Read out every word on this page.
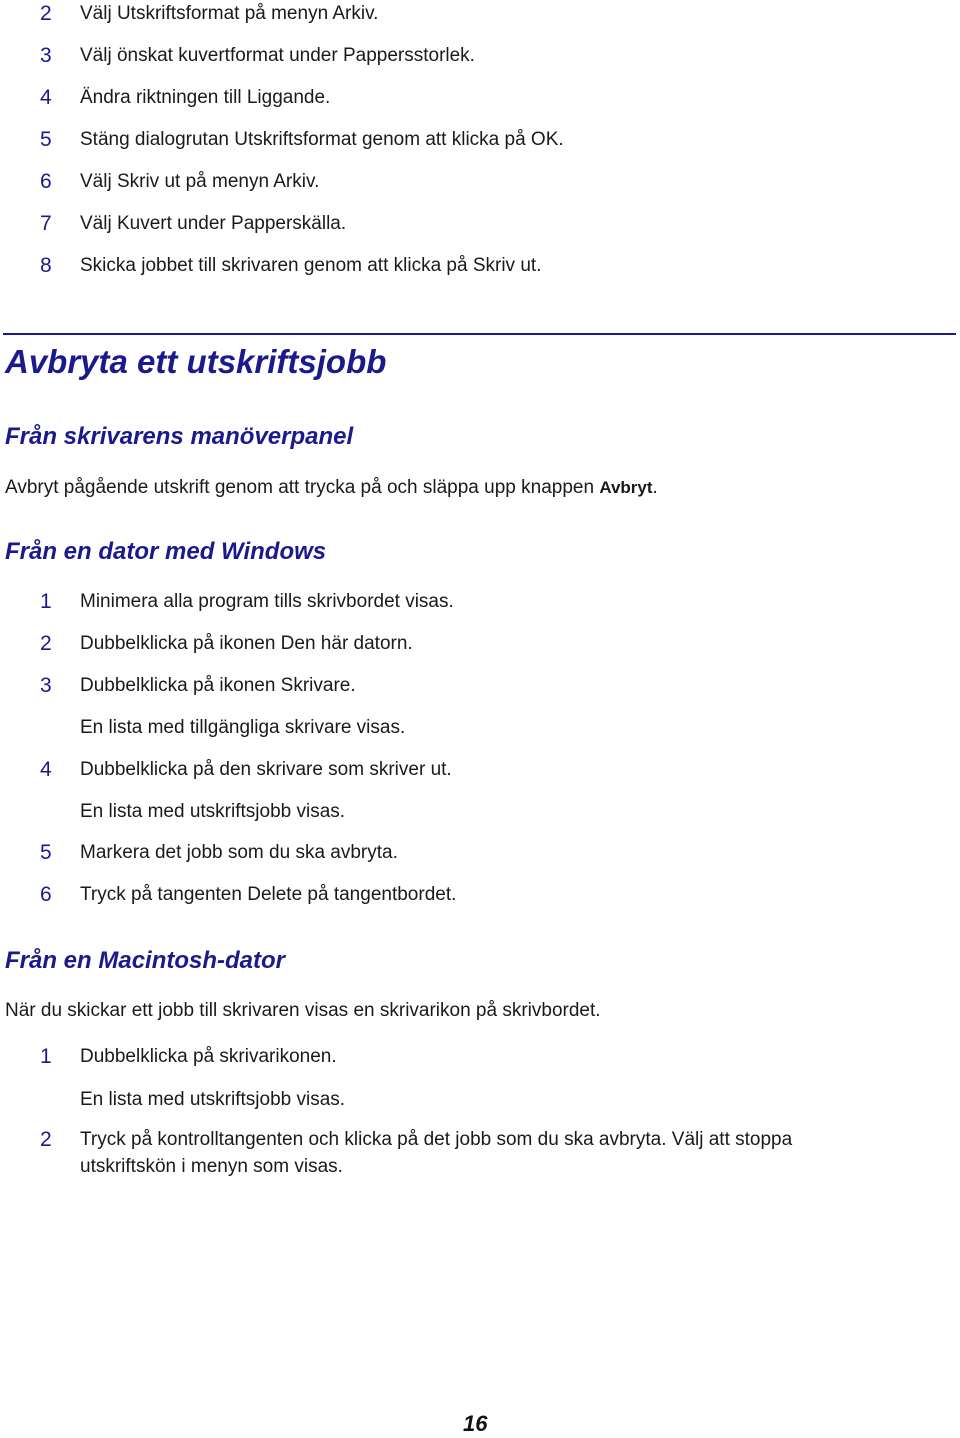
2	Välj Utskriftsformat på menyn Arkiv.
3	Välj önskat kuvertformat under Pappersstorlek.
4	Ändra riktningen till Liggande.
5	Stäng dialogrutan Utskriftsformat genom att klicka på OK.
6	Välj Skriv ut på menyn Arkiv.
7	Välj Kuvert under Papperskälla.
8	Skicka jobbet till skrivaren genom att klicka på Skriv ut.
Avbryta ett utskriftsjobb
Från skrivarens manöverpanel
Avbryt pågående utskrift genom att trycka på och släppa upp knappen Avbryt.
Från en dator med Windows
1	Minimera alla program tills skrivbordet visas.
2	Dubbelklicka på ikonen Den här datorn.
3	Dubbelklicka på ikonen Skrivare.
En lista med tillgängliga skrivare visas.
4	Dubbelklicka på den skrivare som skriver ut.
En lista med utskriftsjobb visas.
5	Markera det jobb som du ska avbryta.
6	Tryck på tangenten Delete på tangentbordet.
Från en Macintosh-dator
När du skickar ett jobb till skrivaren visas en skrivarikon på skrivbordet.
1	Dubbelklicka på skrivarikonen.
En lista med utskriftsjobb visas.
2	Tryck på kontrolltangenten och klicka på det jobb som du ska avbryta. Välj att stoppa utskriftskön i menyn som visas.
16
